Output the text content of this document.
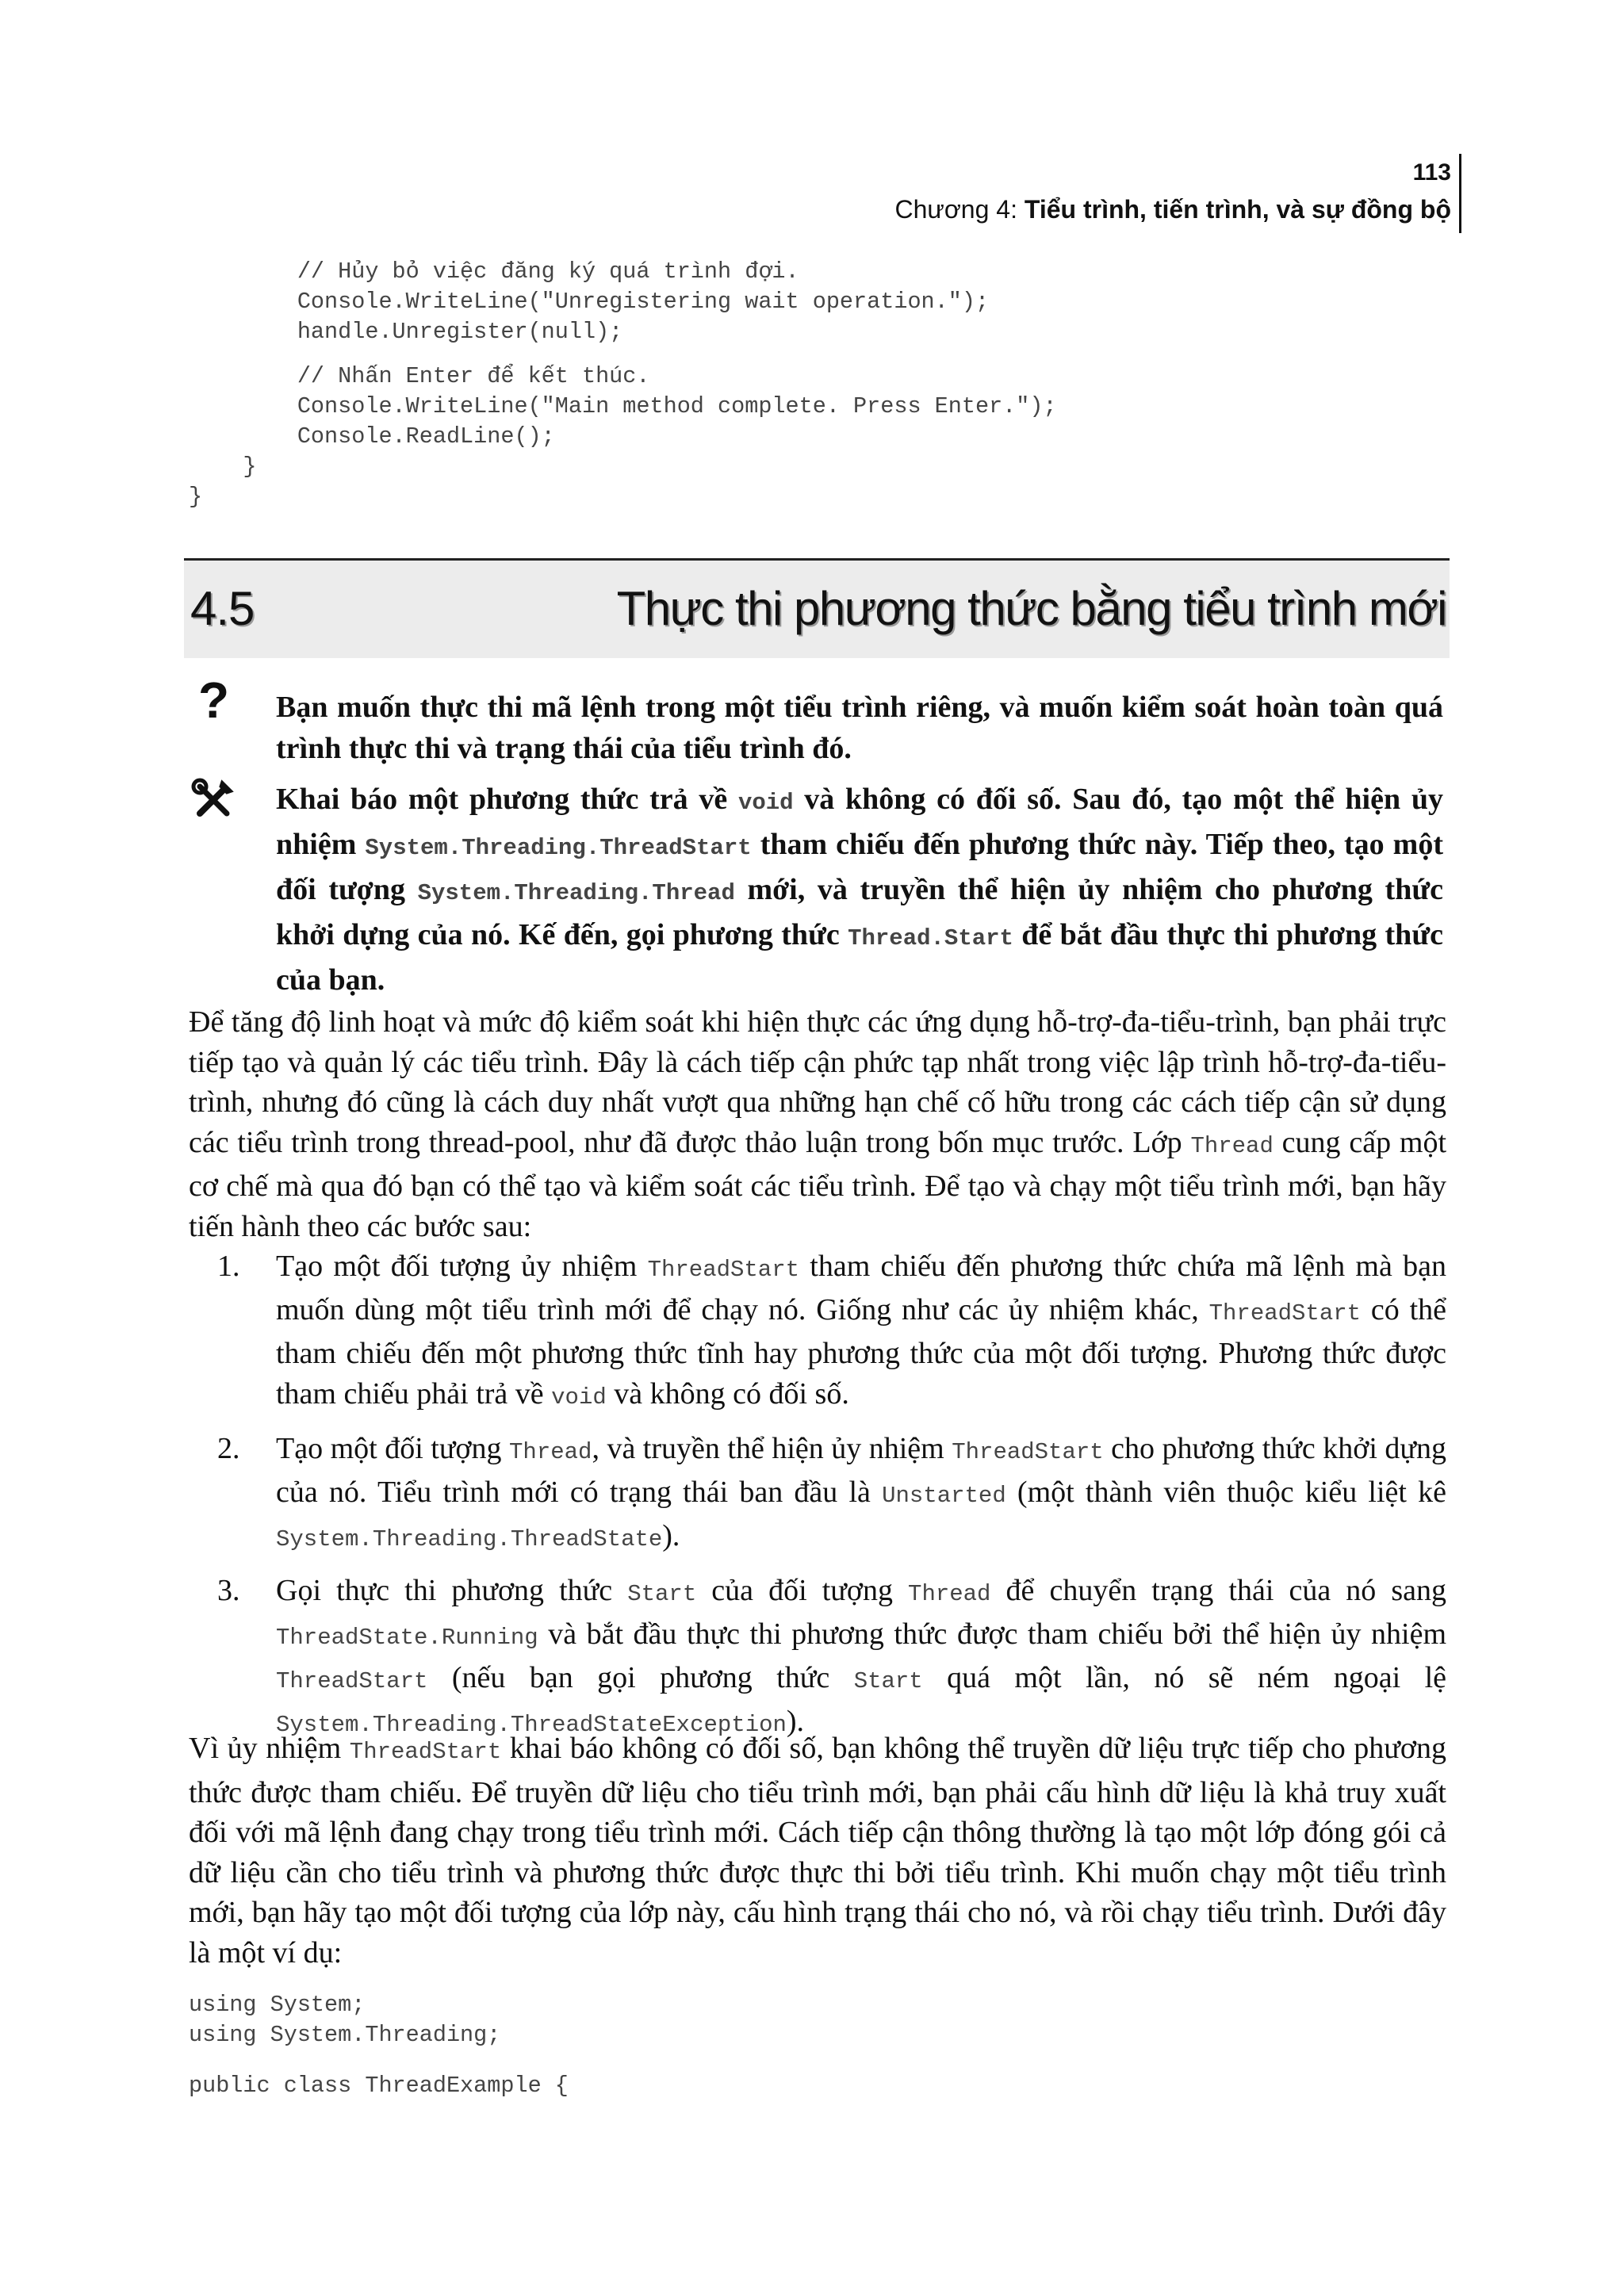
113
Chương 4: Tiểu trình, tiến trình, và sự đồng bộ
// Hủy bỏ việc đăng ký quá trình đợi.
Console.WriteLine("Unregistering wait operation.");
handle.Unregister(null);
// Nhấn Enter để kết thúc.
Console.WriteLine("Main method complete. Press Enter.");
Console.ReadLine();
}
}
4.5	Thực thi phương thức bằng tiểu trình mới
? Bạn muốn thực thi mã lệnh trong một tiểu trình riêng, và muốn kiểm soát hoàn toàn quá trình thực thi và trạng thái của tiểu trình đó.

Khai báo một phương thức trả về void và không có đối số. Sau đó, tạo một thể hiện ủy nhiệm System.Threading.ThreadStart tham chiếu đến phương thức này. Tiếp theo, tạo một đối tượng System.Threading.Thread mới, và truyền thể hiện ủy nhiệm cho phương thức khởi dựng của nó. Kế đến, gọi phương thức Thread.Start để bắt đầu thực thi phương thức của bạn.

Để tăng độ linh hoạt và mức độ kiểm soát khi hiện thực các ứng dụng hỗ-trợ-đa-tiểu-trình, bạn phải trực tiếp tạo và quản lý các tiểu trình. Đây là cách tiếp cận phức tạp nhất trong việc lập trình hỗ-trợ-đa-tiểu-trình, nhưng đó cũng là cách duy nhất vượt qua những hạn chế cố hữu trong các cách tiếp cận sử dụng các tiểu trình trong thread-pool, như đã được thảo luận trong bốn mục trước. Lớp Thread cung cấp một cơ chế mà qua đó bạn có thể tạo và kiểm soát các tiểu trình. Để tạo và chạy một tiểu trình mới, bạn hãy tiến hành theo các bước sau:

1. Tạo một đối tượng ủy nhiệm ThreadStart tham chiếu đến phương thức chứa mã lệnh mà bạn muốn dùng một tiểu trình mới để chạy nó. Giống như các ủy nhiệm khác, ThreadStart có thể tham chiếu đến một phương thức tĩnh hay phương thức của một đối tượng. Phương thức được tham chiếu phải trả về void và không có đối số.
2. Tạo một đối tượng Thread, và truyền thể hiện ủy nhiệm ThreadStart cho phương thức khởi dựng của nó. Tiểu trình mới có trạng thái ban đầu là Unstarted (một thành viên thuộc kiểu liệt kê System.Threading.ThreadState).
3. Gọi thực thi phương thức Start của đối tượng Thread để chuyển trạng thái của nó sang ThreadState.Running và bắt đầu thực thi phương thức được tham chiếu bởi thể hiện ủy nhiệm ThreadStart (nếu bạn gọi phương thức Start quá một lần, nó sẽ ném ngoại lệ System.Threading.ThreadStateException).

Vì ủy nhiệm ThreadStart khai báo không có đối số, bạn không thể truyền dữ liệu trực tiếp cho phương thức được tham chiếu. Để truyền dữ liệu cho tiểu trình mới, bạn phải cấu hình dữ liệu là khả truy xuất đối với mã lệnh đang chạy trong tiểu trình mới. Cách tiếp cận thông thường là tạo một lớp đóng gói cả dữ liệu cần cho tiểu trình và phương thức được thực thi bởi tiểu trình. Khi muốn chạy một tiểu trình mới, bạn hãy tạo một đối tượng của lớp này, cấu hình trạng thái cho nó, và rồi chạy tiểu trình. Dưới đây là một ví dụ:

using System;
using System.Threading;
public class ThreadExample {
